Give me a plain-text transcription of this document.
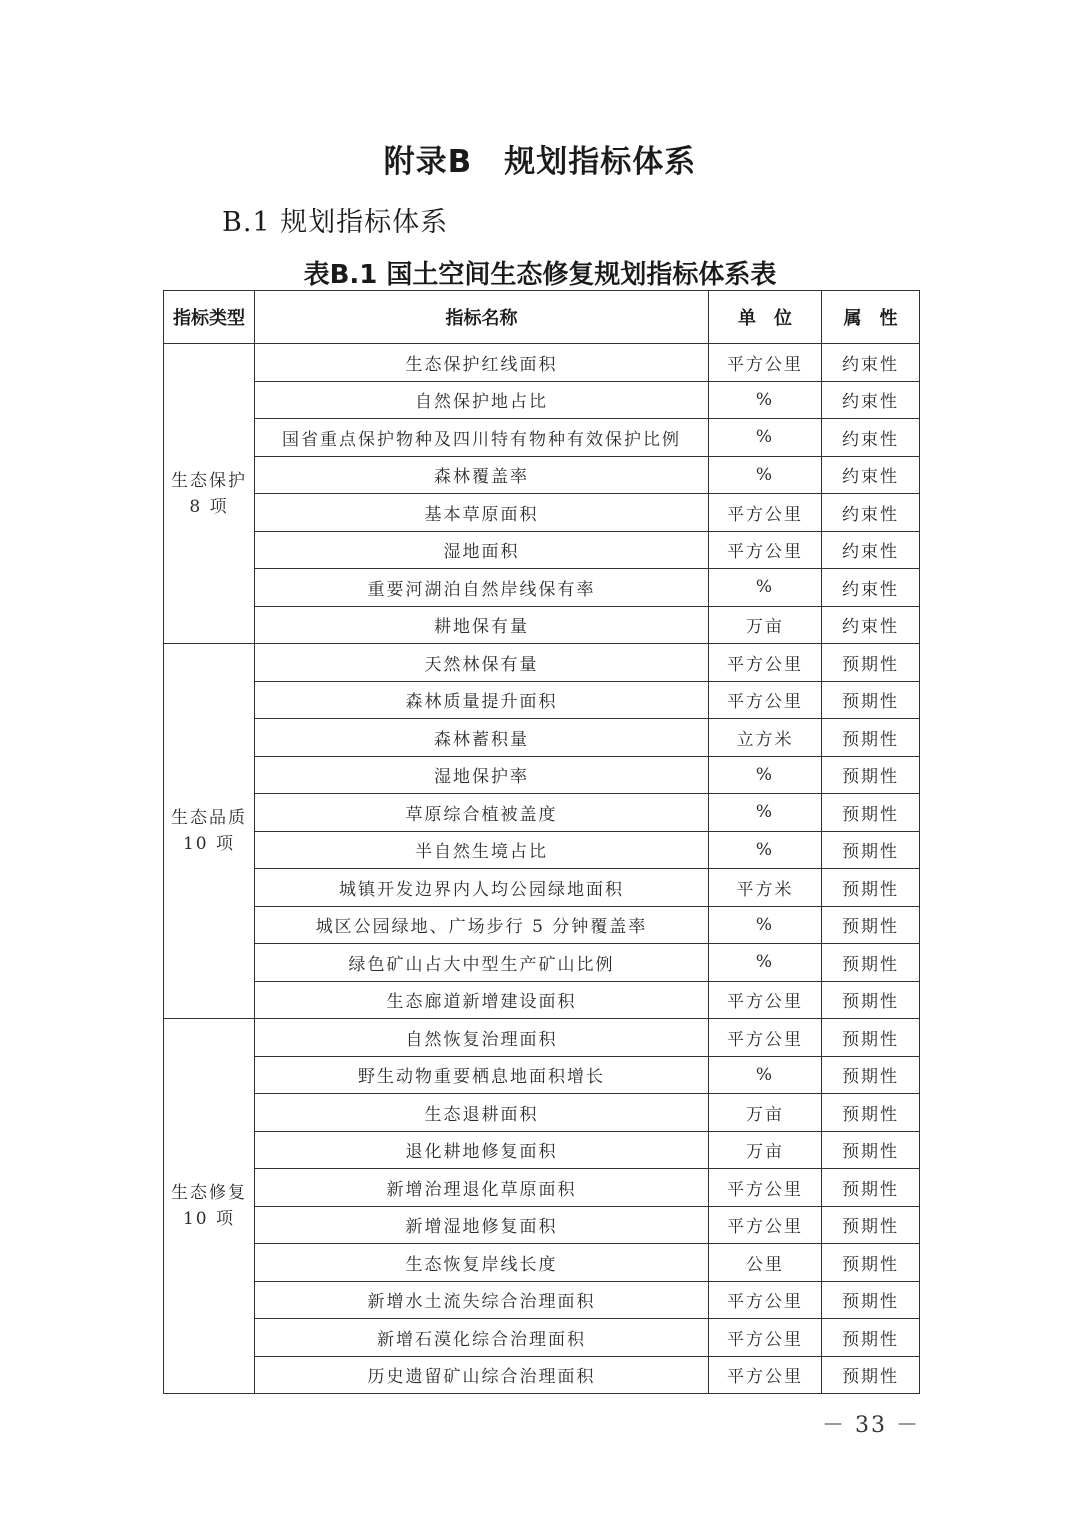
附录B　规划指标体系
B.1 规划指标体系
表B.1 国土空间生态修复规划指标体系表
指标类型	指标名称	单　位	属　性

生态保护
8 项	生态保护红线面积	平方公里	约束性
	自然保护地占比	%	约束性
	国省重点保护物种及四川特有物种有效保护比例	%	约束性
	森林覆盖率	%	约束性
	基本草原面积	平方公里	约束性
	湿地面积	平方公里	约束性
	重要河湖泊自然岸线保有率	%	约束性
	耕地保有量	万亩	约束性

生态品质
10 项	天然林保有量	平方公里	预期性
	森林质量提升面积	平方公里	预期性
	森林蓄积量	立方米	预期性
	湿地保护率	%	预期性
	草原综合植被盖度	%	预期性
	半自然生境占比	%	预期性
	城镇开发边界内人均公园绿地面积	平方米	预期性
	城区公园绿地、广场步行 5 分钟覆盖率	%	预期性
	绿色矿山占大中型生产矿山比例	%	预期性
	生态廊道新增建设面积	平方公里	预期性

生态修复
10 项	自然恢复治理面积	平方公里	预期性
	野生动物重要栖息地面积增长	%	预期性
	生态退耕面积	万亩	预期性
	退化耕地修复面积	万亩	预期性
	新增治理退化草原面积	平方公里	预期性
	新增湿地修复面积	平方公里	预期性
	生态恢复岸线长度	公里	预期性
	新增水土流失综合治理面积	平方公里	预期性
	新增石漠化综合治理面积	平方公里	预期性
	历史遗留矿山综合治理面积	平方公里	预期性
－ 33 －
